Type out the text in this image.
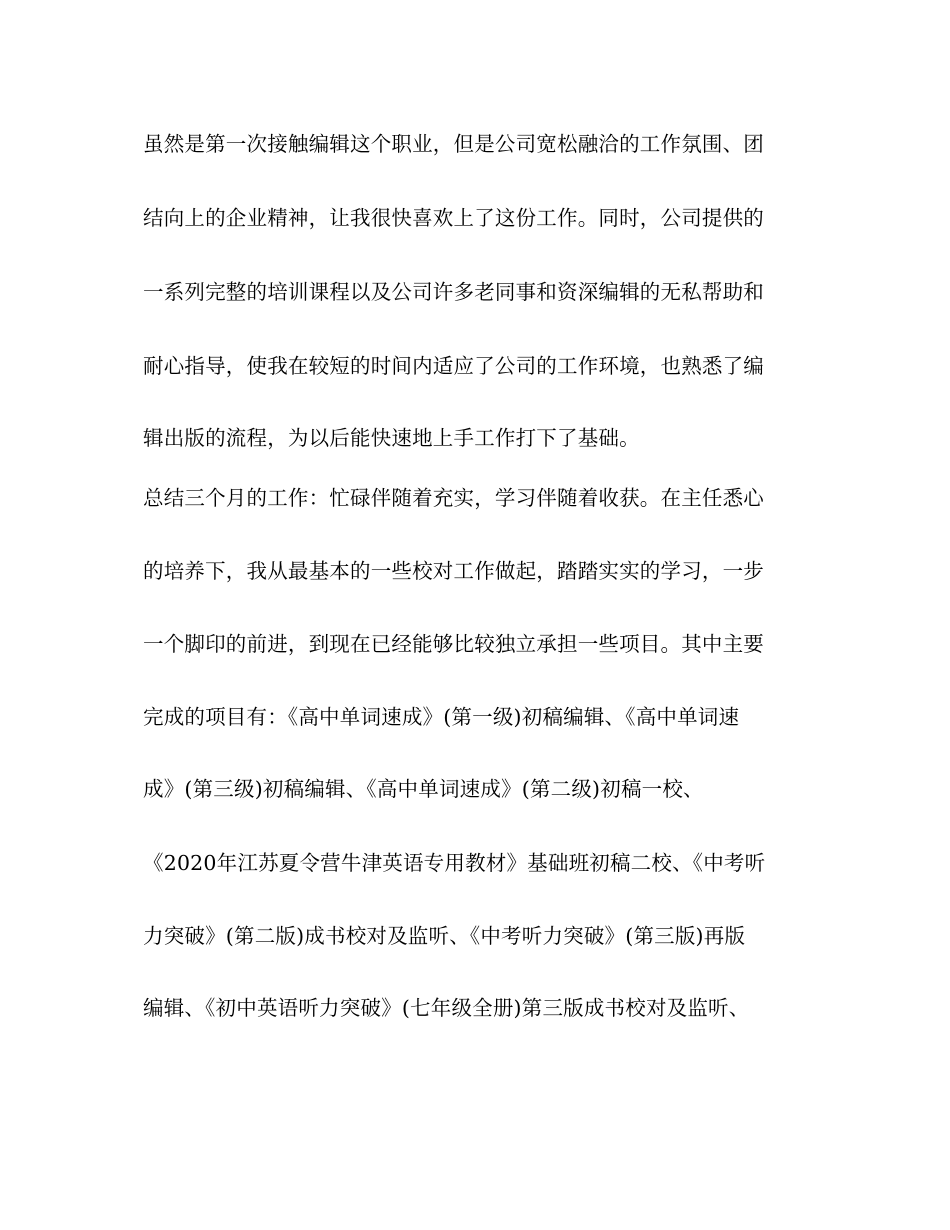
虽然是第一次接触编辑这个职业，但是公司宽松融洽的工作氛围、团
结向上的企业精神，让我很快喜欢上了这份工作。同时，公司提供的
一系列完整的培训课程以及公司许多老同事和资深编辑的无私帮助和
耐心指导，使我在较短的时间内适应了公司的工作环境，也熟悉了编
辑出版的流程，为以后能快速地上手工作打下了基础。
总结三个月的工作：忙碌伴随着充实，学习伴随着收获。在主任悉心
的培养下，我从最基本的一些校对工作做起，踏踏实实的学习，一步
一个脚印的前进，到现在已经能够比较独立承担一些项目。其中主要
完成的项目有：《高中单词速成》(第一级)初稿编辑、《高中单词速
成》(第三级)初稿编辑、《高中单词速成》(第二级)初稿一校、
《2020年江苏夏令营牛津英语专用教材》基础班初稿二校、《中考听
力突破》(第二版)成书校对及监听、《中考听力突破》(第三版)再版
编辑、《初中英语听力突破》(七年级全册)第三版成书校对及监听、
